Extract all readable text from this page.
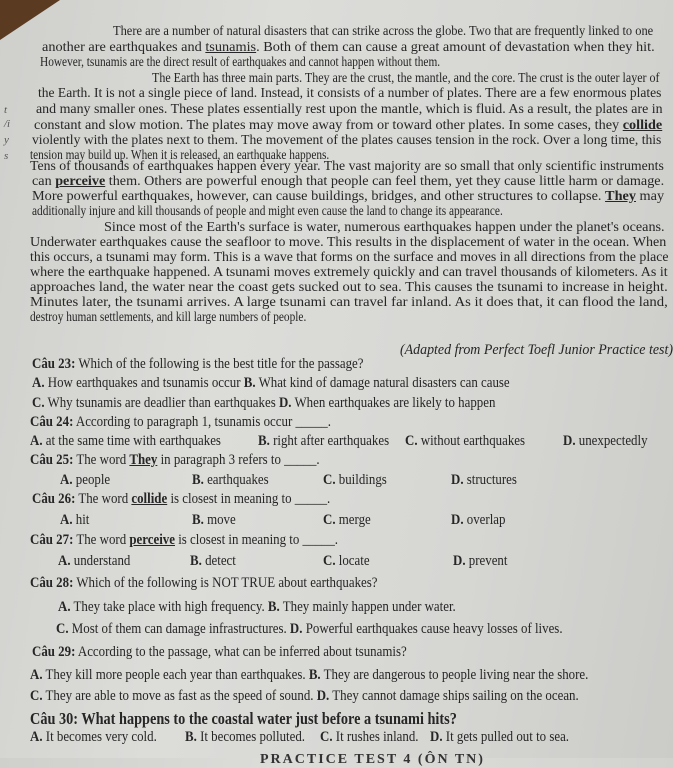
t
/i
y
s
There are a number of natural disasters that can strike across the globe. Two that are frequently linked to one
another are earthquakes and tsunamis. Both of them can cause a great amount of devastation when they hit.
However, tsunamis are the direct result of earthquakes and cannot happen without them.
The Earth has three main parts. They are the crust, the mantle, and the core. The crust is the outer layer of
the Earth. It is not a single piece of land. Instead, it consists of a number of plates. There are a few enormous plates
and many smaller ones. These plates essentially rest upon the mantle, which is fluid. As a result, the plates are in
constant and slow motion. The plates may move away from or toward other plates. In some cases, they collide
violently with the plates next to them. The movement of the plates causes tension in the rock. Over a long time, this
tension may build up. When it is released, an earthquake happens.
Tens of thousands of earthquakes happen every year. The vast majority are so small that only scientific instruments
can perceive them. Others are powerful enough that people can feel them, yet they cause little harm or damage.
More powerful earthquakes, however, can cause buildings, bridges, and other structures to collapse. They may
additionally injure and kill thousands of people and might even cause the land to change its appearance.
Since most of the Earth's surface is water, numerous earthquakes happen under the planet's oceans.
Underwater earthquakes cause the seafloor to move. This results in the displacement of water in the ocean. When
this occurs, a tsunami may form. This is a wave that forms on the surface and moves in all directions from the place
where the earthquake happened. A tsunami moves extremely quickly and can travel thousands of kilometers. As it
approaches land, the water near the coast gets sucked out to sea. This causes the tsunami to increase in height.
Minutes later, the tsunami arrives. A large tsunami can travel far inland. As it does that, it can flood the land,
destroy human settlements, and kill large numbers of people.
(Adapted from Perfect Toefl Junior Practice test)
Câu 23: Which of the following is the best title for the passage?
A. How earthquakes and tsunamis occur B. What kind of damage natural disasters can cause
C. Why tsunamis are deadlier than earthquakes D. When earthquakes are likely to happen
Câu 24: According to paragraph 1, tsunamis occur _____.
A. at the same time with earthquakes B. right after earthquakes C. without earthquakes	D. unexpectedly
Câu 25: The word They in paragraph 3 refers to _____.
A. people	B. earthquakes	C. buildings	D. structures
Câu 26: The word collide is closest in meaning to _____.
A. hit	B. move	C. merge	D. overlap
Câu 27: The word perceive is closest in meaning to _____.
A. understand	B. detect	C. locate	D. prevent
Câu 28: Which of the following is NOT TRUE about earthquakes?
A. They take place with high frequency. B. They mainly happen under water.
C. Most of them can damage infrastructures. D. Powerful earthquakes cause heavy losses of lives.
Câu 29: According to the passage, what can be inferred about tsunamis?
A. They kill more people each year than earthquakes. B. They are dangerous to people living near the shore.
C. They are able to move as fast as the speed of sound. D. They cannot damage ships sailing on the ocean.
Câu 30: What happens to the coastal water just before a tsunami hits?
A. It becomes very cold. B. It becomes polluted. C. It rushes inland. D. It gets pulled out to sea.
PRACTICE TEST 4 (ÔN TN)
